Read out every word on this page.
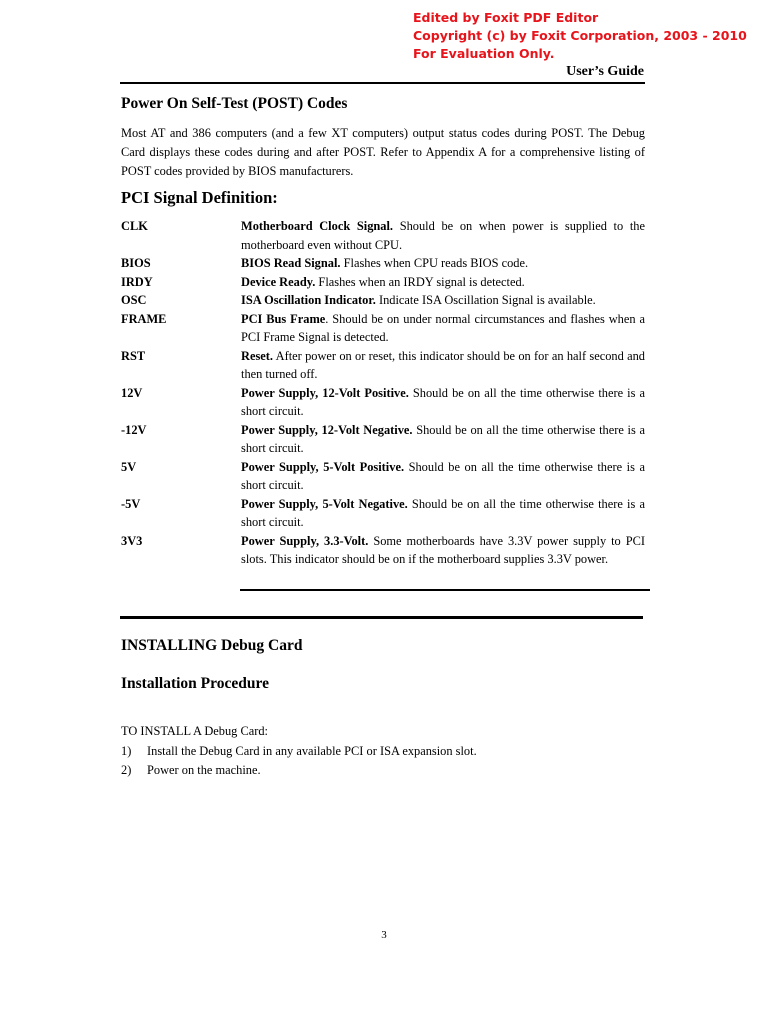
Edited by Foxit PDF Editor
Copyright (c) by Foxit Corporation, 2003 - 2010
For Evaluation Only.
User’s Guide
Power On Self-Test (POST) Codes
Most AT and 386 computers (and a few XT computers) output status codes during POST. The Debug Card displays these codes during and after POST. Refer to Appendix A for a comprehensive listing of POST codes provided by BIOS manufacturers.
PCI Signal Definition:
CLK	Motherboard Clock Signal. Should be on when power is supplied to the motherboard even without CPU.
BIOS	BIOS Read Signal. Flashes when CPU reads BIOS code.
IRDY	Device Ready. Flashes when an IRDY signal is detected.
OSC	ISA Oscillation Indicator. Indicate ISA Oscillation Signal is available.
FRAME	PCI Bus Frame. Should be on under normal circumstances and flashes when a PCI Frame Signal is detected.
RST	Reset. After power on or reset, this indicator should be on for an half second and then turned off.
12V	Power Supply, 12-Volt Positive. Should be on all the time otherwise there is a short circuit.
-12V	Power Supply, 12-Volt Negative. Should be on all the time otherwise there is a short circuit.
5V	Power Supply, 5-Volt Positive. Should be on all the time otherwise there is a short circuit.
-5V	Power Supply, 5-Volt Negative. Should be on all the time otherwise there is a short circuit.
3V3	Power Supply, 3.3-Volt. Some motherboards have 3.3V power supply to PCI slots. This indicator should be on if the motherboard supplies 3.3V power.
INSTALLING Debug Card
Installation Procedure
TO INSTALL A Debug Card:
1)	Install the Debug Card in any available PCI or ISA expansion slot.
2)	Power on the machine.
3
